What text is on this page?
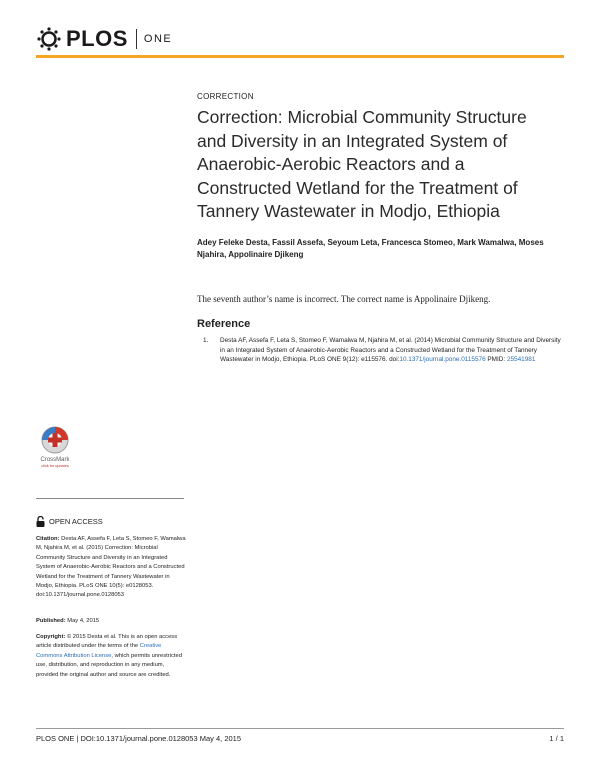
PLOS ONE
CORRECTION
Correction: Microbial Community Structure and Diversity in an Integrated System of Anaerobic-Aerobic Reactors and a Constructed Wetland for the Treatment of Tannery Wastewater in Modjo, Ethiopia
Adey Feleke Desta, Fassil Assefa, Seyoum Leta, Francesca Stomeo, Mark Wamalwa, Moses Njahira, Appolinaire Djikeng
The seventh author’s name is incorrect. The correct name is Appolinaire Djikeng.
Reference
1.	Desta AF, Assefa F, Leta S, Stomeo F, Wamalwa M, Njahira M, et al. (2014) Microbial Community Structure and Diversity in an Integrated System of Anaerobic-Aerobic Reactors and a Constructed Wetland for the Treatment of Tannery Wastewater in Modjo, Ethiopia. PLoS ONE 9(12): e115576. doi:10.1371/journal.pone.0115576 PMID: 25541981
CrossMark
click for updates
OPEN ACCESS
Citation: Desta AF, Assefa F, Leta S, Stomeo F, Wamalwa M, Njahira M, et al. (2015) Correction: Microbial Community Structure and Diversity in an Integrated System of Anaerobic-Aerobic Reactors and a Constructed Wetland for the Treatment of Tannery Wastewater in Modjo, Ethiopia. PLoS ONE 10(5): e0128053. doi:10.1371/journal.pone.0128053
Published: May 4, 2015
Copyright: © 2015 Desta et al. This is an open access article distributed under the terms of the Creative Commons Attribution License, which permits unrestricted use, distribution, and reproduction in any medium, provided the original author and source are credited.
PLOS ONE | DOI:10.1371/journal.pone.0128053 May 4, 2015	1 / 1
